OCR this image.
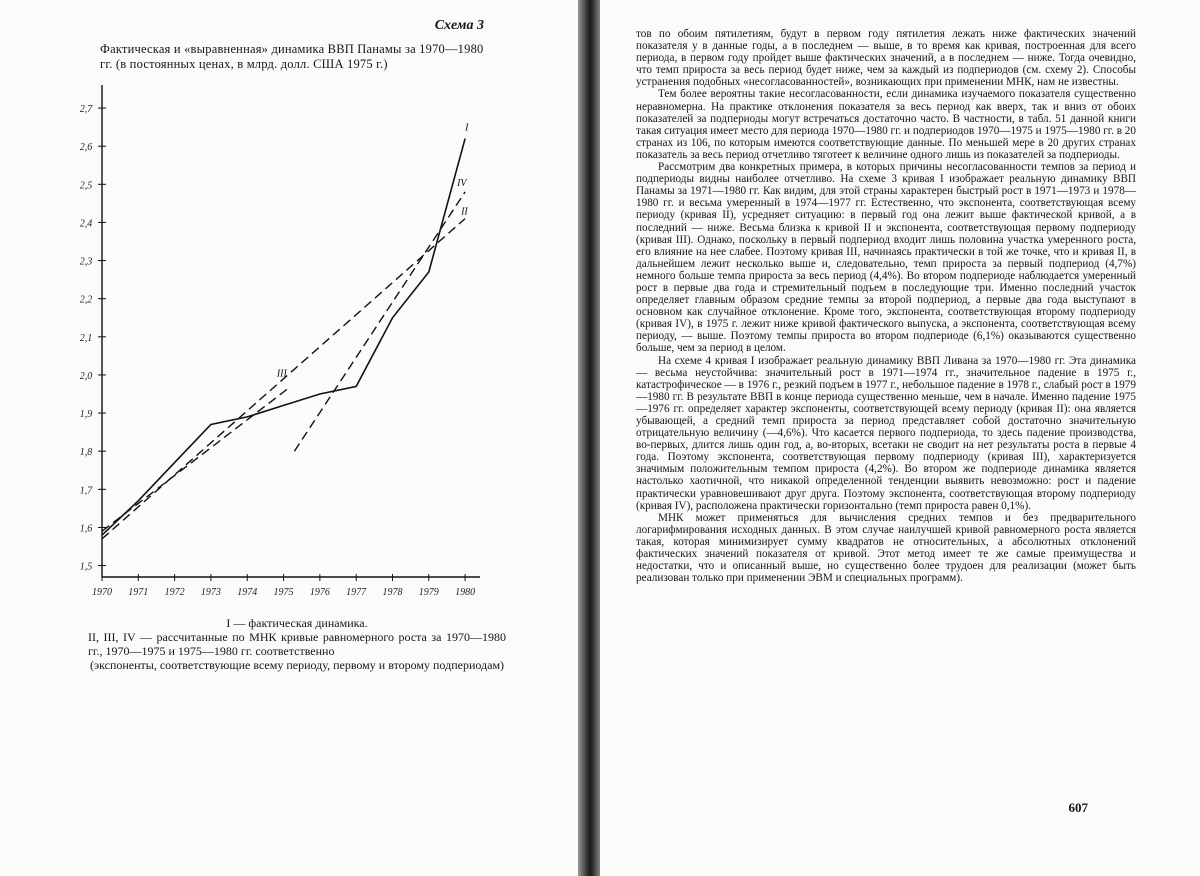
Схема 3
Фактическая и «выравненная» динамика ВВП Панамы за 1970—1980 гг. (в постоянных ценах, в млрд. долл. США 1975 г.)
1,5
1,6
1,7
1,8
1,9
2,0
2,1
2,2
2,3
2,4
2,5
2,6
2,7
1970 1971 1972 1973 1974 1975 1976 1977 1978 1979 1980
I
II
III
IV
I — фактическая динамика.
II, III, IV — рассчитанные по МНК кривые равномерного роста за 1970—1980 гг., 1970—1975 и 1975—1980 гг. соответственно
(экспоненты, соответствующие всему периоду, первому и второму подпериодам)

тов по обоим пятилетиям, будут в первом году пятилетия лежать ниже фактических значений показателя y в данные годы, а в последнем — выше, в то время как кривая, построенная для всего периода, в первом году пройдет выше фактических значений, а в последнем — ниже. Тогда очевидно, что темп прироста за весь период будет ниже, чем за каждый из подпериодов (см. схему 2). Способы устранения подобных «несогласованностей», возникающих при применении МНК, нам не известны.

Тем более вероятны такие несогласованности, если динамика изучаемого показателя существенно неравномерна. На практике отклонения показателя за весь период как вверх, так и вниз от обоих показателей за подпериоды могут встречаться достаточно часто. В частности, в табл. 51 данной книги такая ситуация имеет место для периода 1970—1980 гг. и подпериодов 1970—1975 и 1975—1980 гг. в 20 странах из 106, по которым имеются соответствующие данные. По меньшей мере в 20 других странах показатель за весь период отчетливо тяготеет к величине одного лишь из показателей за подпериоды.

Рассмотрим два конкретных примера, в которых причины несогласованности темпов за период и подпериоды видны наиболее отчетливо. На схеме 3 кривая I изображает реальную динамику ВВП Панамы за 1971—1980 гг. Как видим, для этой страны характерен быстрый рост в 1971—1973 и 1978—1980 гг. и весьма умеренный в 1974—1977 гг. Естественно, что экспонента, соответствующая всему периоду (кривая II), усредняет ситуацию: в первый год она лежит выше фактической кривой, а в последний — ниже. Весьма близка к кривой II и экспонента, соответствующая первому подпериоду (кривая III). Однако, поскольку в первый подпериод входит лишь половина участка умеренного роста, его влияние на нее слабее. Поэтому кривая III, начинаясь практически в той же точке, что и кривая II, в дальнейшем лежит несколько выше и, следовательно, темп прироста за первый подпериод (4,7%) немного больше темпа прироста за весь период (4,4%). Во втором подпериоде наблюдается умеренный рост в первые два года и стремительный подъем в последующие три. Именно последний участок определяет главным образом средние темпы за второй подпериод, а первые два года выступают в основном как случайное отклонение. Кроме того, экспонента, соответствующая второму подпериоду (кривая IV), в 1975 г. лежит ниже кривой фактического выпуска, а экспонента, соответствующая всему периоду, — выше. Поэтому темпы прироста во втором подпериоде (6,1%) оказываются существенно больше, чем за период в целом.

На схеме 4 кривая I изображает реальную динамику ВВП Ливана за 1970—1980 гг. Эта динамика — весьма неустойчива: значительный рост в 1971—1974 гг., значительное падение в 1975 г., катастрофическое — в 1976 г., резкий подъем в 1977 г., небольшое падение в 1978 г., слабый рост в 1979—1980 гг. В результате ВВП в конце периода существенно меньше, чем в начале. Именно падение 1975—1976 гг. определяет характер экспоненты, соответствующей всему периоду (кривая II): она является убывающей, а средний темп прироста за период представляет собой достаточно значительную отрицательную величину (—4,6%). Что касается первого подпериода, то здесь падение производства, во-первых, длится лишь один год, а, во-вторых, всетаки не сводит на нет результаты роста в первые 4 года. Поэтому экспонента, соответствующая первому подпериоду (кривая III), характеризуется значимым положительным темпом прироста (4,2%). Во втором же подпериоде динамика является настолько хаотичной, что никакой определенной тенденции выявить невозможно: рост и падение практически уравновешивают друг друга. Поэтому экспонента, соответствующая второму подпериоду (кривая IV), расположена практически горизонтально (темп прироста равен 0,1%).

МНК может применяться для вычисления средних темпов и без предварительного логарифмирования исходных данных. В этом случае наилучшей кривой равномерного роста является такая, которая минимизирует сумму квадратов не относительных, а абсолютных отклонений фактических значений показателя от кривой. Этот метод имеет те же самые преимущества и недостатки, что и описанный выше, но существенно более трудоен для реализации (может быть реализован только при применении ЭВМ и специальных программ).

607
